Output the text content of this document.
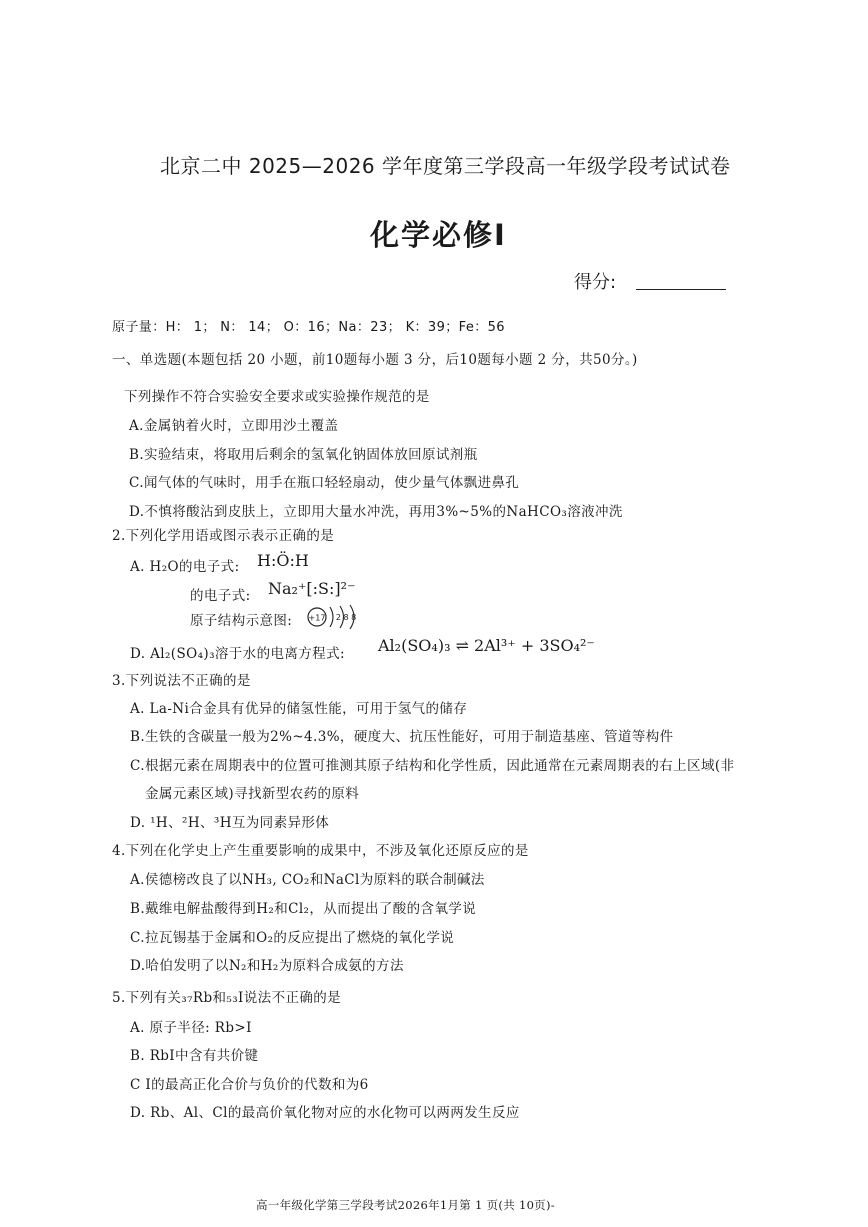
北京二中 2025—2026 学年度第三学段高一年级学段考试试卷
化学必修Ⅰ
得分:
原子量：H： 1； N： 14； O：16；Na：23； K：39；Fe：56
一、单选题(本题包括 20 小题，前10题每小题 3 分，后10题每小题 2 分，共50分。)
下列操作不符合实验安全要求或实验操作规范的是
A.金属钠着火时，立即用沙土覆盖
B.实验结束，将取用后剩余的氢氧化钠固体放回原试剂瓶
C.闻气体的气味时，用手在瓶口轻轻扇动，使少量气体飘进鼻孔
D.不慎将酸沾到皮肤上，立即用大量水冲洗，再用3%~5%的NaHCO₃溶液冲洗
2.下列化学用语或图示表示正确的是
A. H₂O的电子式: H:Ö:H
的电子式: Na₂⁺[:S:]²⁻
原子结构示意图: +17 2 8 8
D. Al₂(SO₄)₃溶于水的电离方程式: Al₂(SO₄)₃ ⇌ 2Al³⁺ + 3SO₄²⁻
3.下列说法不正确的是
A. La-Ni合金具有优异的储氢性能，可用于氢气的储存
B.生铁的含碳量一般为2%~4.3%，硬度大、抗压性能好，可用于制造基座、管道等构件
C.根据元素在周期表中的位置可推测其原子结构和化学性质，因此通常在元素周期表的右上区域(非
金属元素区域)寻找新型农药的原料
D. ¹H、²H、³H互为同素异形体
4.下列在化学史上产生重要影响的成果中，不涉及氧化还原反应的是
A.侯德榜改良了以NH₃, CO₂和NaCl为原料的联合制碱法
B.戴维电解盐酸得到H₂和Cl₂，从而提出了酸的含氧学说
C.拉瓦锡基于金属和O₂的反应提出了燃烧的氧化学说
D.哈伯发明了以N₂和H₂为原料合成氨的方法
5.下列有关₃₇Rb和₅₃I说法不正确的是
A. 原子半径: Rb>I
B. RbI中含有共价键
C I的最高正化合价与负价的代数和为6
D. Rb、Al、Cl的最高价氧化物对应的水化物可以两两发生反应
高一年级化学第三学段考试2026年1月第 1 页(共 10页)-
